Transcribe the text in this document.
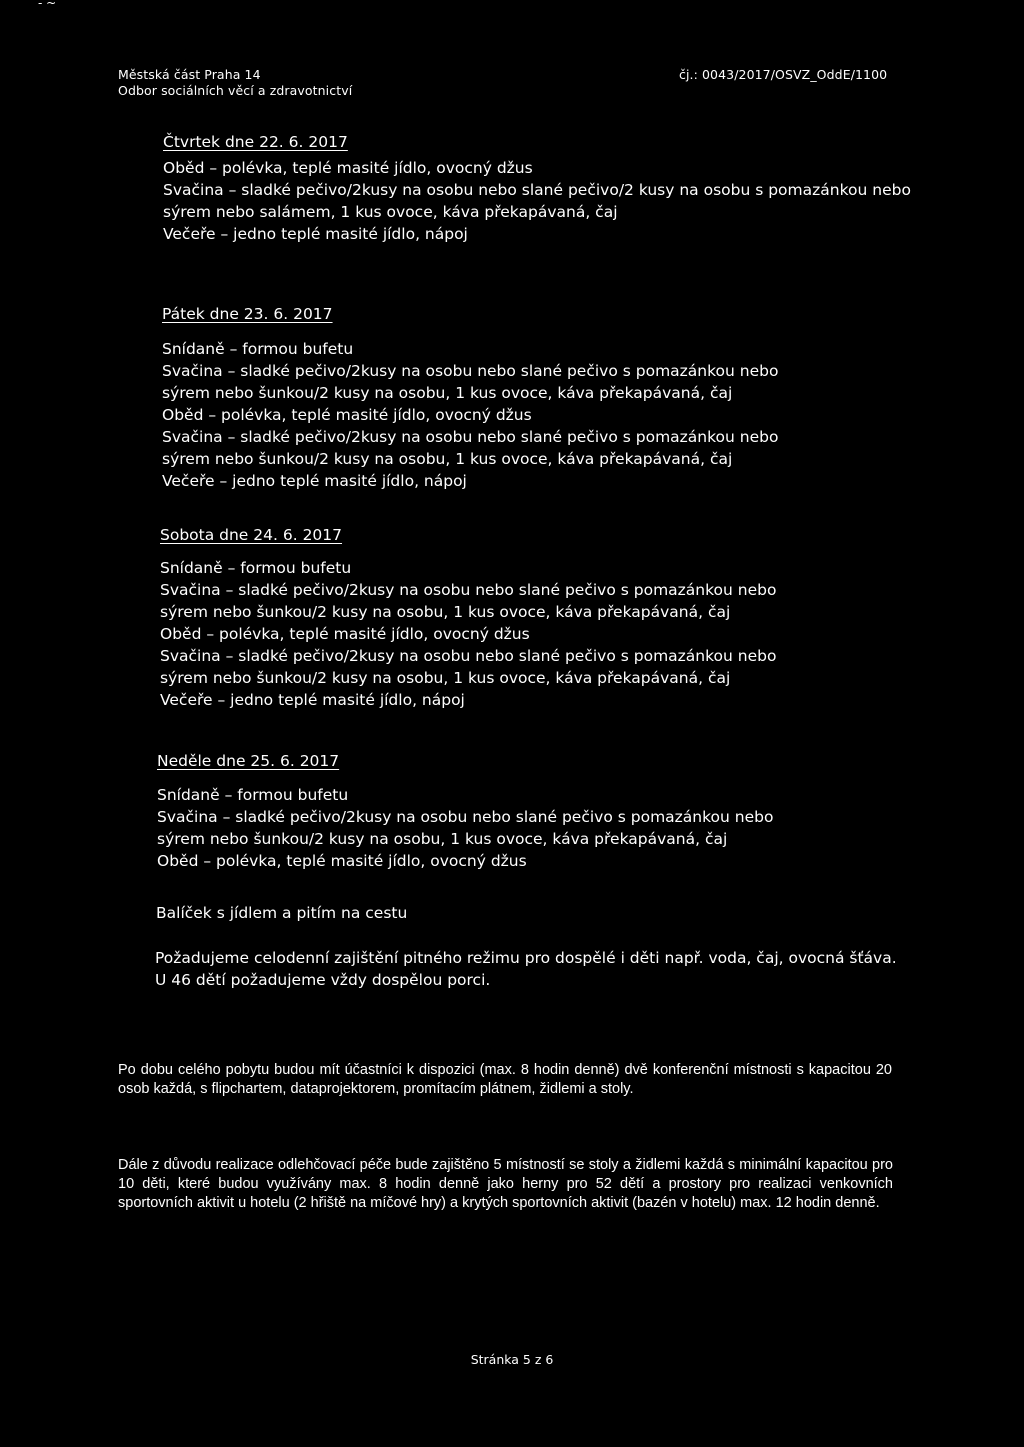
- ~
Městská část Praha 14
Odbor sociálních věcí a zdravotnictví
čj.: 0043/2017/OSVZ_OddE/1100
Čtvrtek dne 22. 6. 2017
Oběd – polévka, teplé masité jídlo, ovocný džus
Svačina – sladké pečivo/2kusy na osobu nebo slané pečivo/2 kusy na osobu s pomazánkou nebo
sýrem nebo salámem, 1 kus ovoce, káva překapávaná, čaj
Večeře – jedno teplé masité jídlo, nápoj
Pátek dne 23. 6. 2017
Snídaně – formou bufetu
Svačina – sladké pečivo/2kusy na osobu nebo slané pečivo s pomazánkou nebo
sýrem nebo šunkou/2 kusy na osobu, 1 kus ovoce, káva překapávaná, čaj
Oběd – polévka, teplé masité jídlo, ovocný džus
Svačina – sladké pečivo/2kusy na osobu nebo slané pečivo s pomazánkou nebo
sýrem nebo šunkou/2 kusy na osobu, 1 kus ovoce, káva překapávaná, čaj
Večeře – jedno teplé masité jídlo, nápoj
Sobota dne 24. 6. 2017
Snídaně – formou bufetu
Svačina – sladké pečivo/2kusy na osobu nebo slané pečivo s pomazánkou nebo
sýrem nebo šunkou/2 kusy na osobu, 1 kus ovoce, káva překapávaná, čaj
Oběd – polévka, teplé masité jídlo, ovocný džus
Svačina – sladké pečivo/2kusy na osobu nebo slané pečivo s pomazánkou nebo
sýrem nebo šunkou/2 kusy na osobu, 1 kus ovoce, káva překapávaná, čaj
Večeře – jedno teplé masité jídlo, nápoj
Neděle dne 25. 6. 2017
Snídaně – formou bufetu
Svačina – sladké pečivo/2kusy na osobu nebo slané pečivo s pomazánkou nebo
sýrem nebo šunkou/2 kusy na osobu, 1 kus ovoce, káva překapávaná, čaj
Oběd – polévka, teplé masité jídlo, ovocný džus
Balíček s jídlem a pitím na cestu
Požadujeme celodenní zajištění pitného režimu pro dospělé i děti např. voda, čaj, ovocná šťáva.
U 46 dětí požadujeme vždy dospělou porci.
Po dobu celého pobytu budou mít účastníci k dispozici (max. 8 hodin denně) dvě konferenční místnosti s kapacitou 20 osob každá, s flipchartem, dataprojektorem, promítacím plátnem, židlemi a stoly.
Dále z důvodu realizace odlehčovací péče bude zajištěno 5 místností se stoly a židlemi každá s minimální kapacitou pro 10 děti, které budou využívány max. 8 hodin denně jako herny pro 52 dětí a prostory pro realizaci venkovních sportovních aktivit u hotelu (2 hřiště na míčové hry) a krytých sportovních aktivit (bazén v hotelu) max. 12 hodin denně.
Stránka 5 z 6
